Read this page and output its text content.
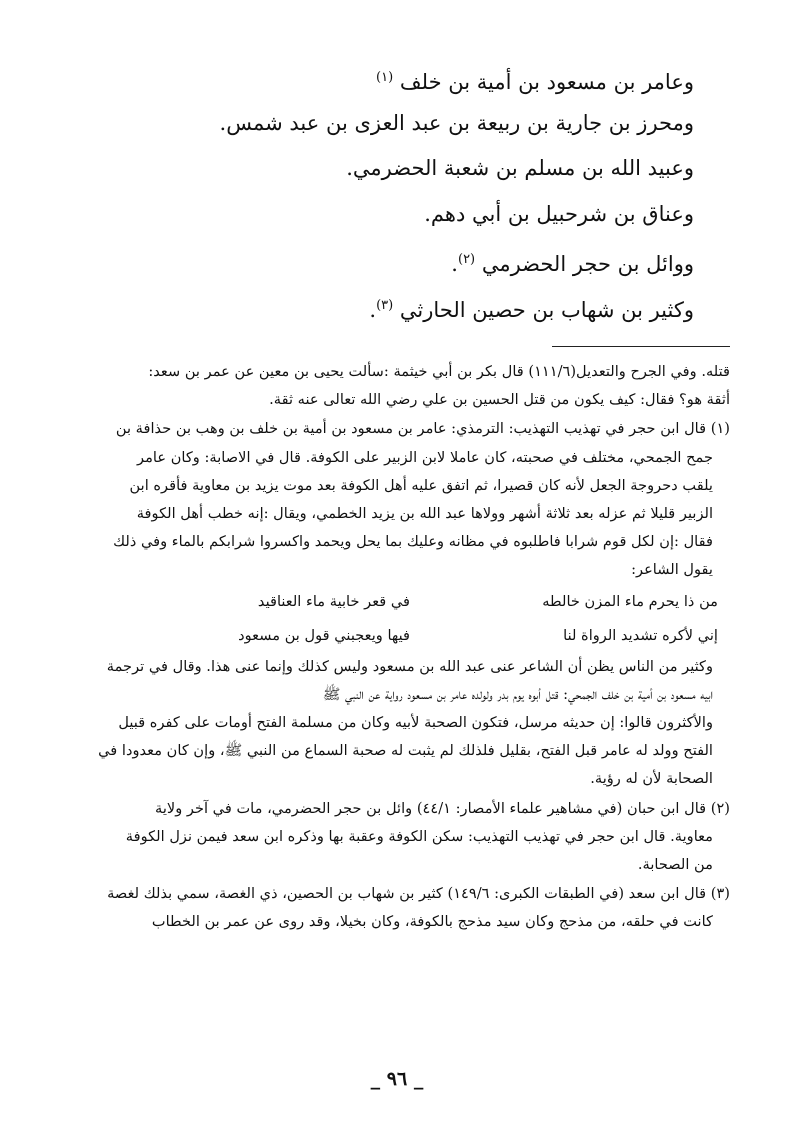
وعامر بن مسعود بن أمية بن خلف $^{(١)}$
ومحرز بن جارية بن ربيعة بن عبد العزى بن عبد شمس.
وعبيد الله بن مسلم بن شعبة الحضرمي.
وعناق بن شرحبيل بن أبي دهم.
ووائل بن حجر الحضرمي $^{(٢)}$.
وكثير بن شهاب بن حصين الحارثي $^{(٣)}$.
قتله. وفي الجرح والتعديل(١١١/٦) قال بكر بن أبي خيثمة :سألت يحيى بن معين عن عمر بن سعد:
أثقة هو؟ فقال: كيف يكون من قتل الحسين بن علي رضي الله تعالى عنه ثقة.
(١) قال ابن حجر في تهذيب التهذيب: الترمذي: عامر بن مسعود بن أمية بن خلف بن وهب بن حذافة بن
جمح الجمحي، مختلف في صحبته، كان عاملا لابن الزبير على الكوفة. قال في الاصابة: وكان عامر
يلقب دحروجة الجعل لأنه كان قصيرا، ثم اتفق عليه أهل الكوفة بعد موت يزيد بن معاوية فأقره ابن
الزبير قليلا ثم عزله بعد ثلاثة أشهر وولاها عبد الله بن يزيد الخطمي، ويقال :إنه خطب أهل الكوفة
فقال :إن لكل قوم شرابا فاطلبوه في مظانه وعليك بما يحل ويحمد واكسروا شرابكم بالماء وفي ذلك
يقول الشاعر:
من ذا يحرم ماء المزن خالطه
في قعر خابية ماء العناقيد
إني لأكره تشديد الرواة لنا
فيها ويعجبني قول بن مسعود
وكثير من الناس يظن أن الشاعر عنى عبد الله بن مسعود وليس كذلك وإنما عنى هذا. وقال في ترجمة
ابيه مسعود بن أمية بن خلف الجمحي: قتل أبوه يوم بدر ولولده عامر بن مسعود رواية عن النبي ﷺ
والأكثرون قالوا: إن حديثه مرسل، فتكون الصحبة لأبيه وكان من مسلمة الفتح أومات على كفره قبيل
الفتح وولد له عامر قبل الفتح، بقليل فلذلك لم يثبت له صحبة السماع من النبي ﷺ، وإن كان معدودا في
الصحابة لأن له رؤية.
(٢) قال ابن حبان (في مشاهير علماء الأمصار: ٤٤/١) وائل بن حجر الحضرمي، مات في آخر ولاية
معاوية. قال ابن حجر في تهذيب التهذيب: سكن الكوفة وعقبة بها وذكره ابن سعد فيمن نزل الكوفة
من الصحابة.
(٣) قال ابن سعد (في الطبقات الكبرى: ١٤٩/٦) كثير بن شهاب بن الحصين، ذي الغصة، سمي بذلك لغصة
كانت في حلقه، من مذحج وكان سيد مذحج بالكوفة، وكان بخيلا، وقد روى عن عمر بن الخطاب
_ ٩٦ _
